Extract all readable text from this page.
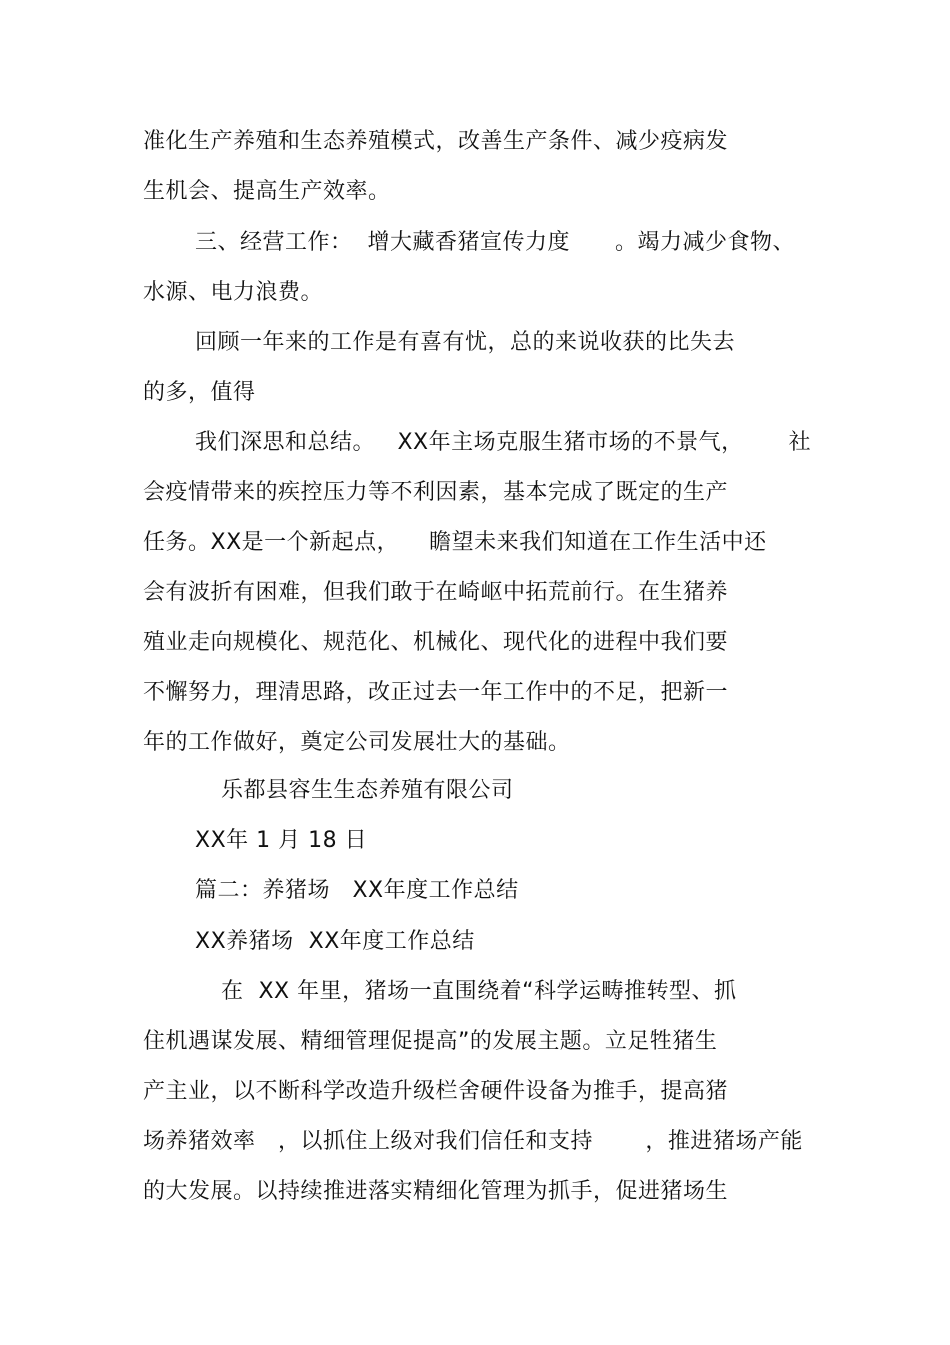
准化生产养殖和生态养殖模式，改善生产条件、减少疫病发
生机会、提高生产效率。
三、经营工作：  增大藏香猪宣传力度      。竭力减少食物、
水源、电力浪费。
回顾一年来的工作是有喜有忧，总的来说收获的比失去
的多，值得
我们深思和总结。   XX年主场克服生猪市场的不景气，      社
会疫情带来的疾控压力等不利因素，基本完成了既定的生产
任务。XX是一个新起点，    瞻望未来我们知道在工作生活中还
会有波折有困难，但我们敢于在崎岖中拓荒前行。在生猪养
殖业走向规模化、规范化、机械化、现代化的进程中我们要
不懈努力，理清思路，改正过去一年工作中的不足，把新一
年的工作做好，奠定公司发展壮大的基础。
乐都县容生生态养殖有限公司
XX年 1 月 18 日
篇二：养猪场   XX年度工作总结
XX养猪场  XX年度工作总结
在  XX 年里，猪场一直围绕着“科学运畴推转型、抓
住机遇谋发展、精细管理促提高”的发展主题。立足牲猪生
产主业，以不断科学改造升级栏舍硬件设备为推手，提高猪
场养猪效率   ，以抓住上级对我们信任和支持       ，推进猪场产能
的大发展。以持续推进落实精细化管理为抓手，促进猪场生
